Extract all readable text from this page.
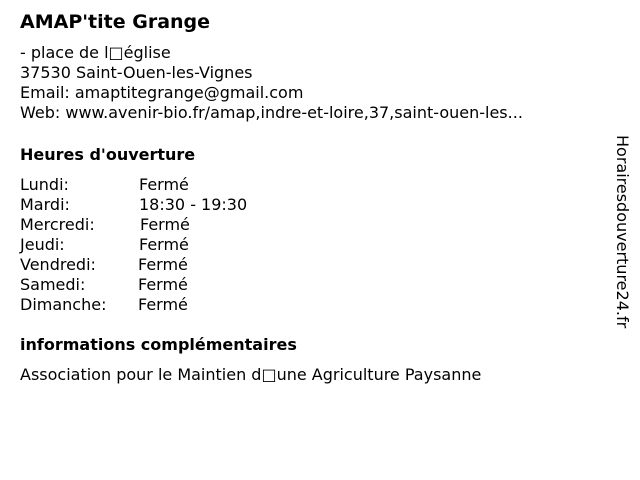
AMAP'tite Grange
- place de l□église
37530 Saint-Ouen-les-Vignes
Email: amaptitegrange@gmail.com
Web: www.avenir-bio.fr/amap,indre-et-loire,37,saint-ouen-les...
Heures d'ouverture
Lundi:	Fermé
Mardi:	18:30 - 19:30
Mercredi:	Fermé
Jeudi:	Fermé
Vendredi:	Fermé
Samedi:	Fermé
Dimanche: Fermé
informations complémentaires
Association pour le Maintien d□une Agriculture Paysanne
Horairesdouverture24.fr
